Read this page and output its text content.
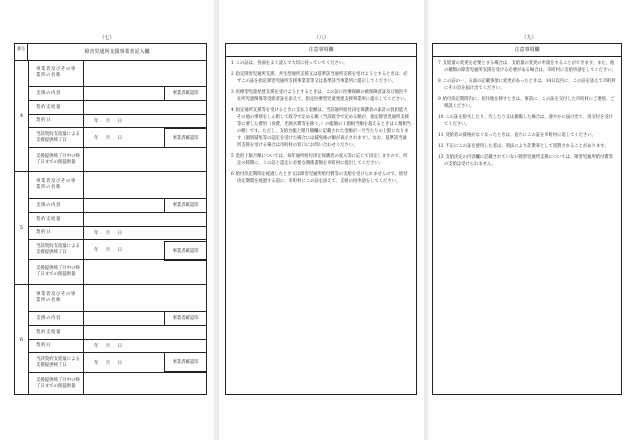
（七）
番号
障害児通所支援事業者記入欄
4
事業者及びその事業所の名称
支援の内容
契約支給量
契約日	年 月 日
当該契約支給量による支援提供終了日	年 月 日
支援提供終了月中の終了日までの既提供量
事業者確認印
事業者確認印
5
事業者及びその事業所の名称
支援の内容
契約支給量
契約日	年 月 日
当該契約支給量による支援提供終了日	年 月 日
支援提供終了月中の終了日までの既提供量
事業者確認印
事業者確認印
6
事業者及びその事業所の名称
支援の内容
契約支給量
契約日	年 月 日
当該契約支給量による支援提供終了日	年 月 日
支援提供終了月中の終了日までの既提供量
事業者確認印
事業者確認印
（八）
注意事項欄
1 この証は、各面をよく読んで大切に持っていてください。
2 指定障害児通所支援、共生型通所支援又は基準該当通所支援を受けようとするときは、必ずこの証を指定障害児通所支援事業者等又は基準該当事業所に提示してください。
3 医療型児童発達支援を受けようとするときは、この証に医療保険の被保険者証及び他医不在所児童関係等受給者証を添えて、指定医療型児童発達支援事業所に提示してください。
4 指定通所支援等を受けるときに支払う金額は、当該通所給付決定保護者の家計の負担能力その他の事情をしん酌して政令で定める額（当該政令で定める額が、指定障害児通所支援等に要した費用（食費、光熱水費等を除く。）の総額の１割相当額を超えるときは１割相当の額）です。ただし、支給台帳上限月額欄に記載された金額が一月当たりの上限になります（個別減免等の認定を受けた場合には減免後の額が表示されます）。なお、基準該当通所支援を受ける場合は市町村の窓口にお問い合わせください。
5 負担上限月額については、毎年通所給付決定保護者の収入等に応じて決定しますので、所定の時期に、この証と認定に必要な関係書類を市町村に提出してください。
6 給付決定期間を経過したとき又は障害児通所給付費等の支給を受けられませんので、給付決定期間を経過する前に、市町村にこの証を添えて、支給の再申請をしてください。
（九）
注意事項欄
7 支給量の変更を必要とする場合は、支給量の変更の申請をすることができます。また、他の種類の障害児通所支援を受ける必要がある場合は、市町村に支給申請をしてください。
8 この証の一、五面の記載事項に変更があったときは、14日以内に、この証を添えて市町村にその旨を届け出てください。
9 給付決定期間内に、居住地を移すときは、事前に、この証を交付した市町村にご連絡、ご相談ください。
10 この証を紛失したり、汚したり又は損傷した場合は、速やかに届け出て、再交付を受けてください。
11 受給者の資格がなくなったときは、直ちにこの証を市町村に返してください。
12 不正にこの証を使用した者は、刑法により詐欺罪として処罰されることがあります。
13 支給決定の内容欄に記載されていない障害児通所支援については、障害児通所給付費等の支給は受けられません。
